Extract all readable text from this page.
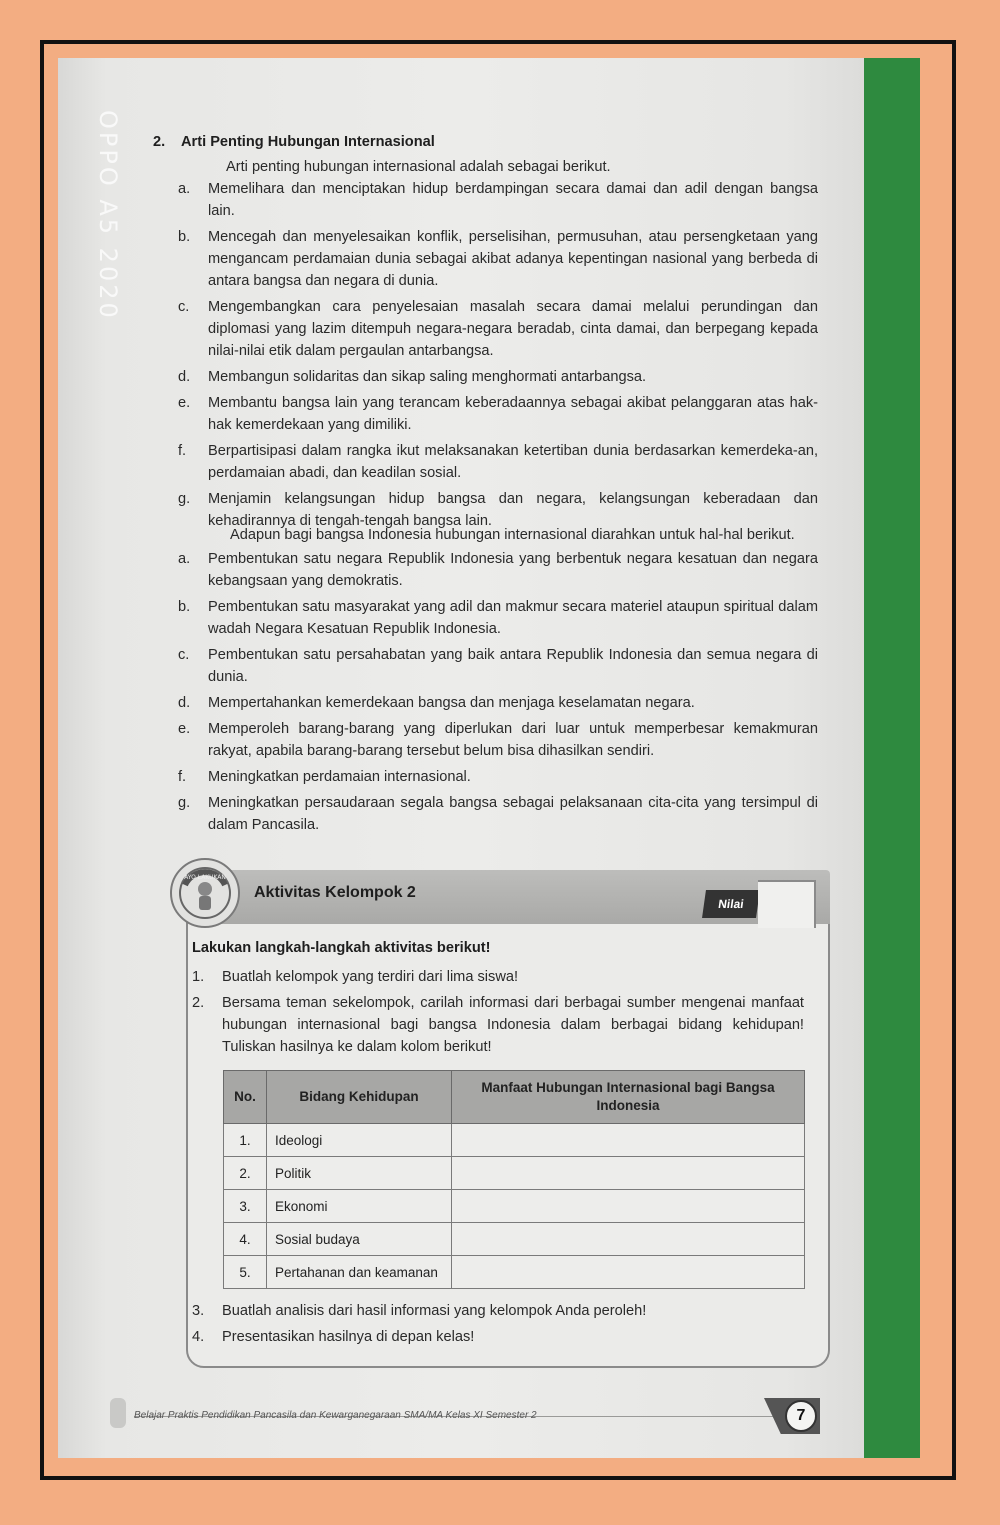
OPPO A5 2020 2. Arti Penting Hubungan Internasional
Arti penting hubungan internasional adalah sebagai berikut.
a.	Memelihara dan menciptakan hidup berdampingan secara damai dan adil dengan bangsa lain.
b.	Mencegah dan menyelesaikan konflik, perselisihan, permusuhan, atau persengketaan yang mengancam perdamaian dunia sebagai akibat adanya kepentingan nasional yang berbeda di antara bangsa dan negara di dunia.
c.	Mengembangkan cara penyelesaian masalah secara damai melalui perundingan dan diplomasi yang lazim ditempuh negara-negara beradab, cinta damai, dan berpegang kepada nilai-nilai etik dalam pergaulan antarbangsa.
d.	Membangun solidaritas dan sikap saling menghormati antarbangsa.
e.	Membantu bangsa lain yang terancam keberadaannya sebagai akibat pelanggaran atas hak-hak kemerdekaan yang dimiliki.
f.	Berpartisipasi dalam rangka ikut melaksanakan ketertiban dunia berdasarkan kemerdeka-an, perdamaian abadi, dan keadilan sosial.
g.	Menjamin kelangsungan hidup bangsa dan negara, kelangsungan keberadaan dan kehadirannya di tengah-tengah bangsa lain.
Adapun bagi bangsa Indonesia hubungan internasional diarahkan untuk hal-hal berikut.
a.	Pembentukan satu negara Republik Indonesia yang berbentuk negara kesatuan dan negara kebangsaan yang demokratis.
b.	Pembentukan satu masyarakat yang adil dan makmur secara materiel ataupun spiritual dalam wadah Negara Kesatuan Republik Indonesia.
c.	Pembentukan satu persahabatan yang baik antara Republik Indonesia dan semua negara di dunia.
d.	Mempertahankan kemerdekaan bangsa dan menjaga keselamatan negara.
e.	Memperoleh barang-barang yang diperlukan dari luar untuk memperbesar kemakmuran rakyat, apabila barang-barang tersebut belum bisa dihasilkan sendiri.
f.	Meningkatkan perdamaian internasional.
g.	Meningkatkan persaudaraan segala bangsa sebagai pelaksanaan cita-cita yang tersimpul di dalam Pancasila.
AYO LAKUKAN
Aktivitas Kelompok 2
Nilai
Lakukan langkah-langkah aktivitas berikut!
1.	Buatlah kelompok yang terdiri dari lima siswa!
2.	Bersama teman sekelompok, carilah informasi dari berbagai sumber mengenai manfaat hubungan internasional bagi bangsa Indonesia dalam berbagai bidang kehidupan! Tuliskan hasilnya ke dalam kolom berikut!
No.	Bidang Kehidupan	Manfaat Hubungan Internasional bagi Bangsa Indonesia
1.	Ideologi	
2.	Politik	
3.	Ekonomi	
4.	Sosial budaya	
5.	Pertahanan dan keamanan	
3.	Buatlah analisis dari hasil informasi yang kelompok Anda peroleh!
4.	Presentasikan hasilnya di depan kelas!
Belajar Praktis Pendidikan Pancasila dan Kewarganegaraan SMA/MA Kelas XI Semester 2	7
